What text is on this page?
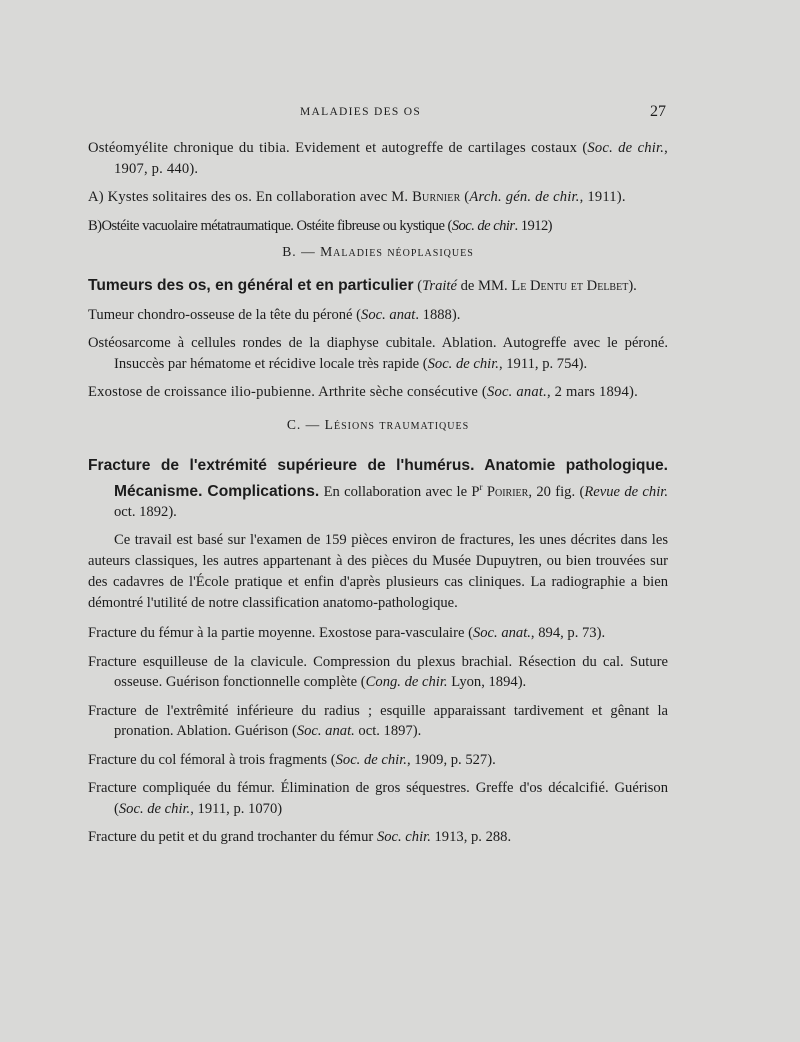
MALADIES DES OS	27

Ostéomyélite chronique du tibia. Evidement et autogreffe de cartilages costaux (Soc. de chir., 1907, p. 440).

A) Kystes solitaires des os. En collaboration avec M. Burnier (Arch. gén. de chir., 1911).

B)Ostéite vacuolaire métatraumatique. Ostéite fibreuse ou kystique (Soc. de chir. 1912)

B. — Maladies néoplasiques

Tumeurs des os, en général et en particulier (Traité de MM. Le Dentu et Delbet).

Tumeur chondro-osseuse de la tête du péroné (Soc. anat. 1888).

Ostéosarcome à cellules rondes de la diaphyse cubitale. Ablation. Autogreffe avec le péroné. Insuccès par hématome et récidive locale très rapide (Soc. de chir., 1911, p. 754).

Exostose de croissance ilio-pubienne. Arthrite sèche consécutive (Soc. anat., 2 mars 1894).

C. — Lésions traumatiques

Fracture de l'extrémité supérieure de l'humérus. Anatomie pathologique. Mécanisme. Complications. En collaboration avec le $P^r$ Poirier, 20 fig. (Revue de chir. oct. 1892).

Ce travail est basé sur l'examen de 159 pièces environ de fractures, les unes décrites dans les auteurs classiques, les autres appartenant à des pièces du Musée Dupuytren, ou bien trouvées sur des cadavres de l'École pratique et enfin d'après plusieurs cas cliniques. La radiographie a bien démontré l'utilité de notre classification anatomo-pathologique.

Fracture du fémur à la partie moyenne. Exostose para-vasculaire (Soc. anat., 894, p. 73).

Fracture esquilleuse de la clavicule. Compression du plexus brachial. Résection du cal. Suture osseuse. Guérison fonctionnelle complète (Cong. de chir. Lyon, 1894).

Fracture de l'extrêmité inférieure du radius ; esquille apparaissant tardivement et gênant la pronation. Ablation. Guérison (Soc. anat. oct. 1897).

Fracture du col fémoral à trois fragments (Soc. de chir., 1909, p. 527).

Fracture compliquée du fémur. Élimination de gros séquestres. Greffe d'os décalcifié. Guérison (Soc. de chir., 1911, p. 1070)

Fracture du petit et du grand trochanter du fémur Soc. chir. 1913, p. 288.
